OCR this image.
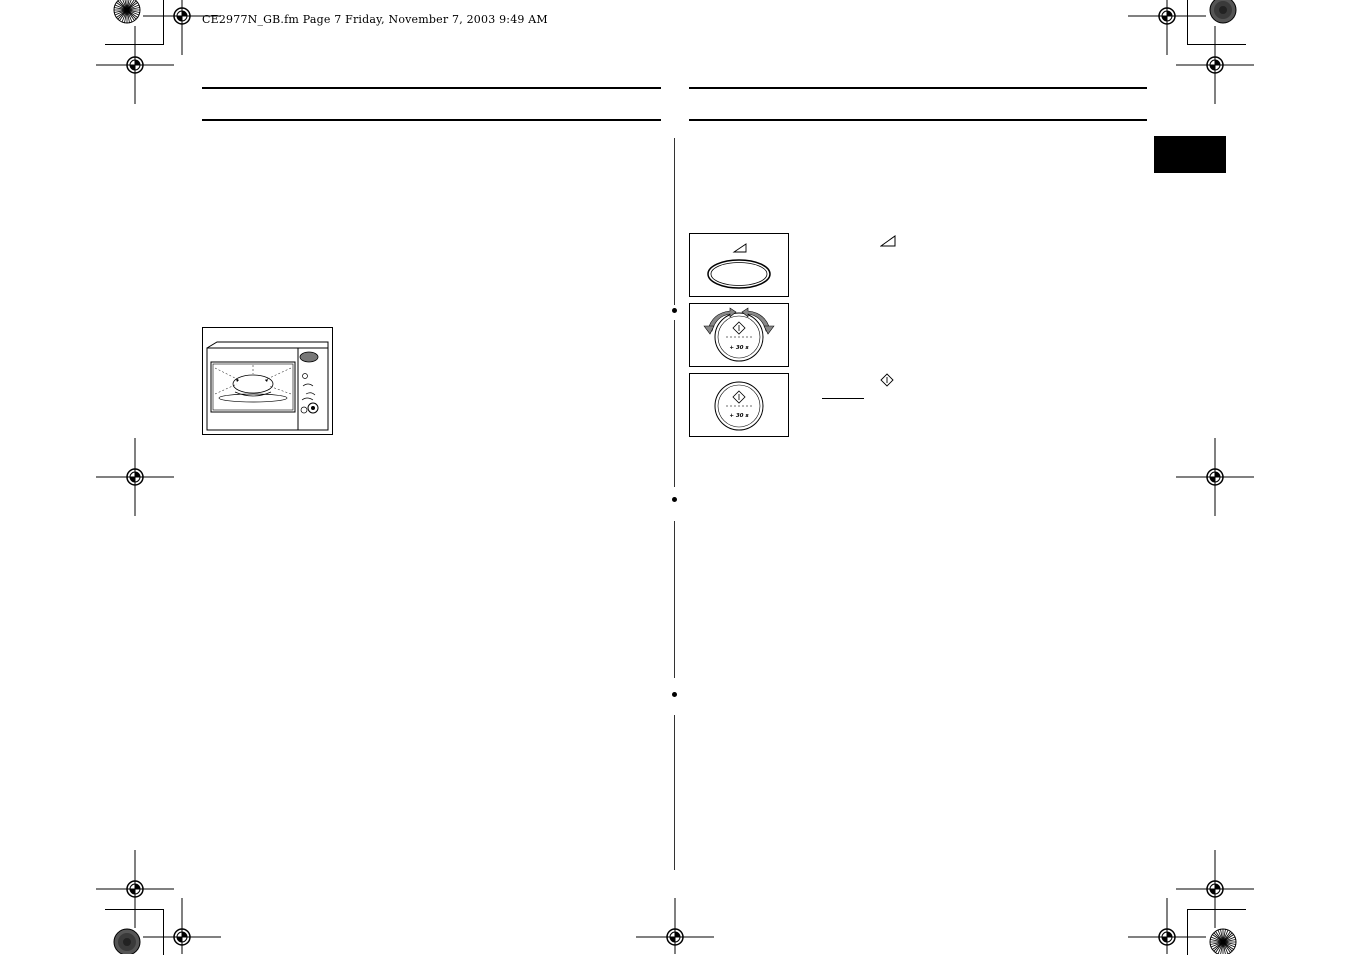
CE2977N_GB.fm Page 7 Friday, November 7, 2003 9:49 AM
+ 30 s
+ 30 s
